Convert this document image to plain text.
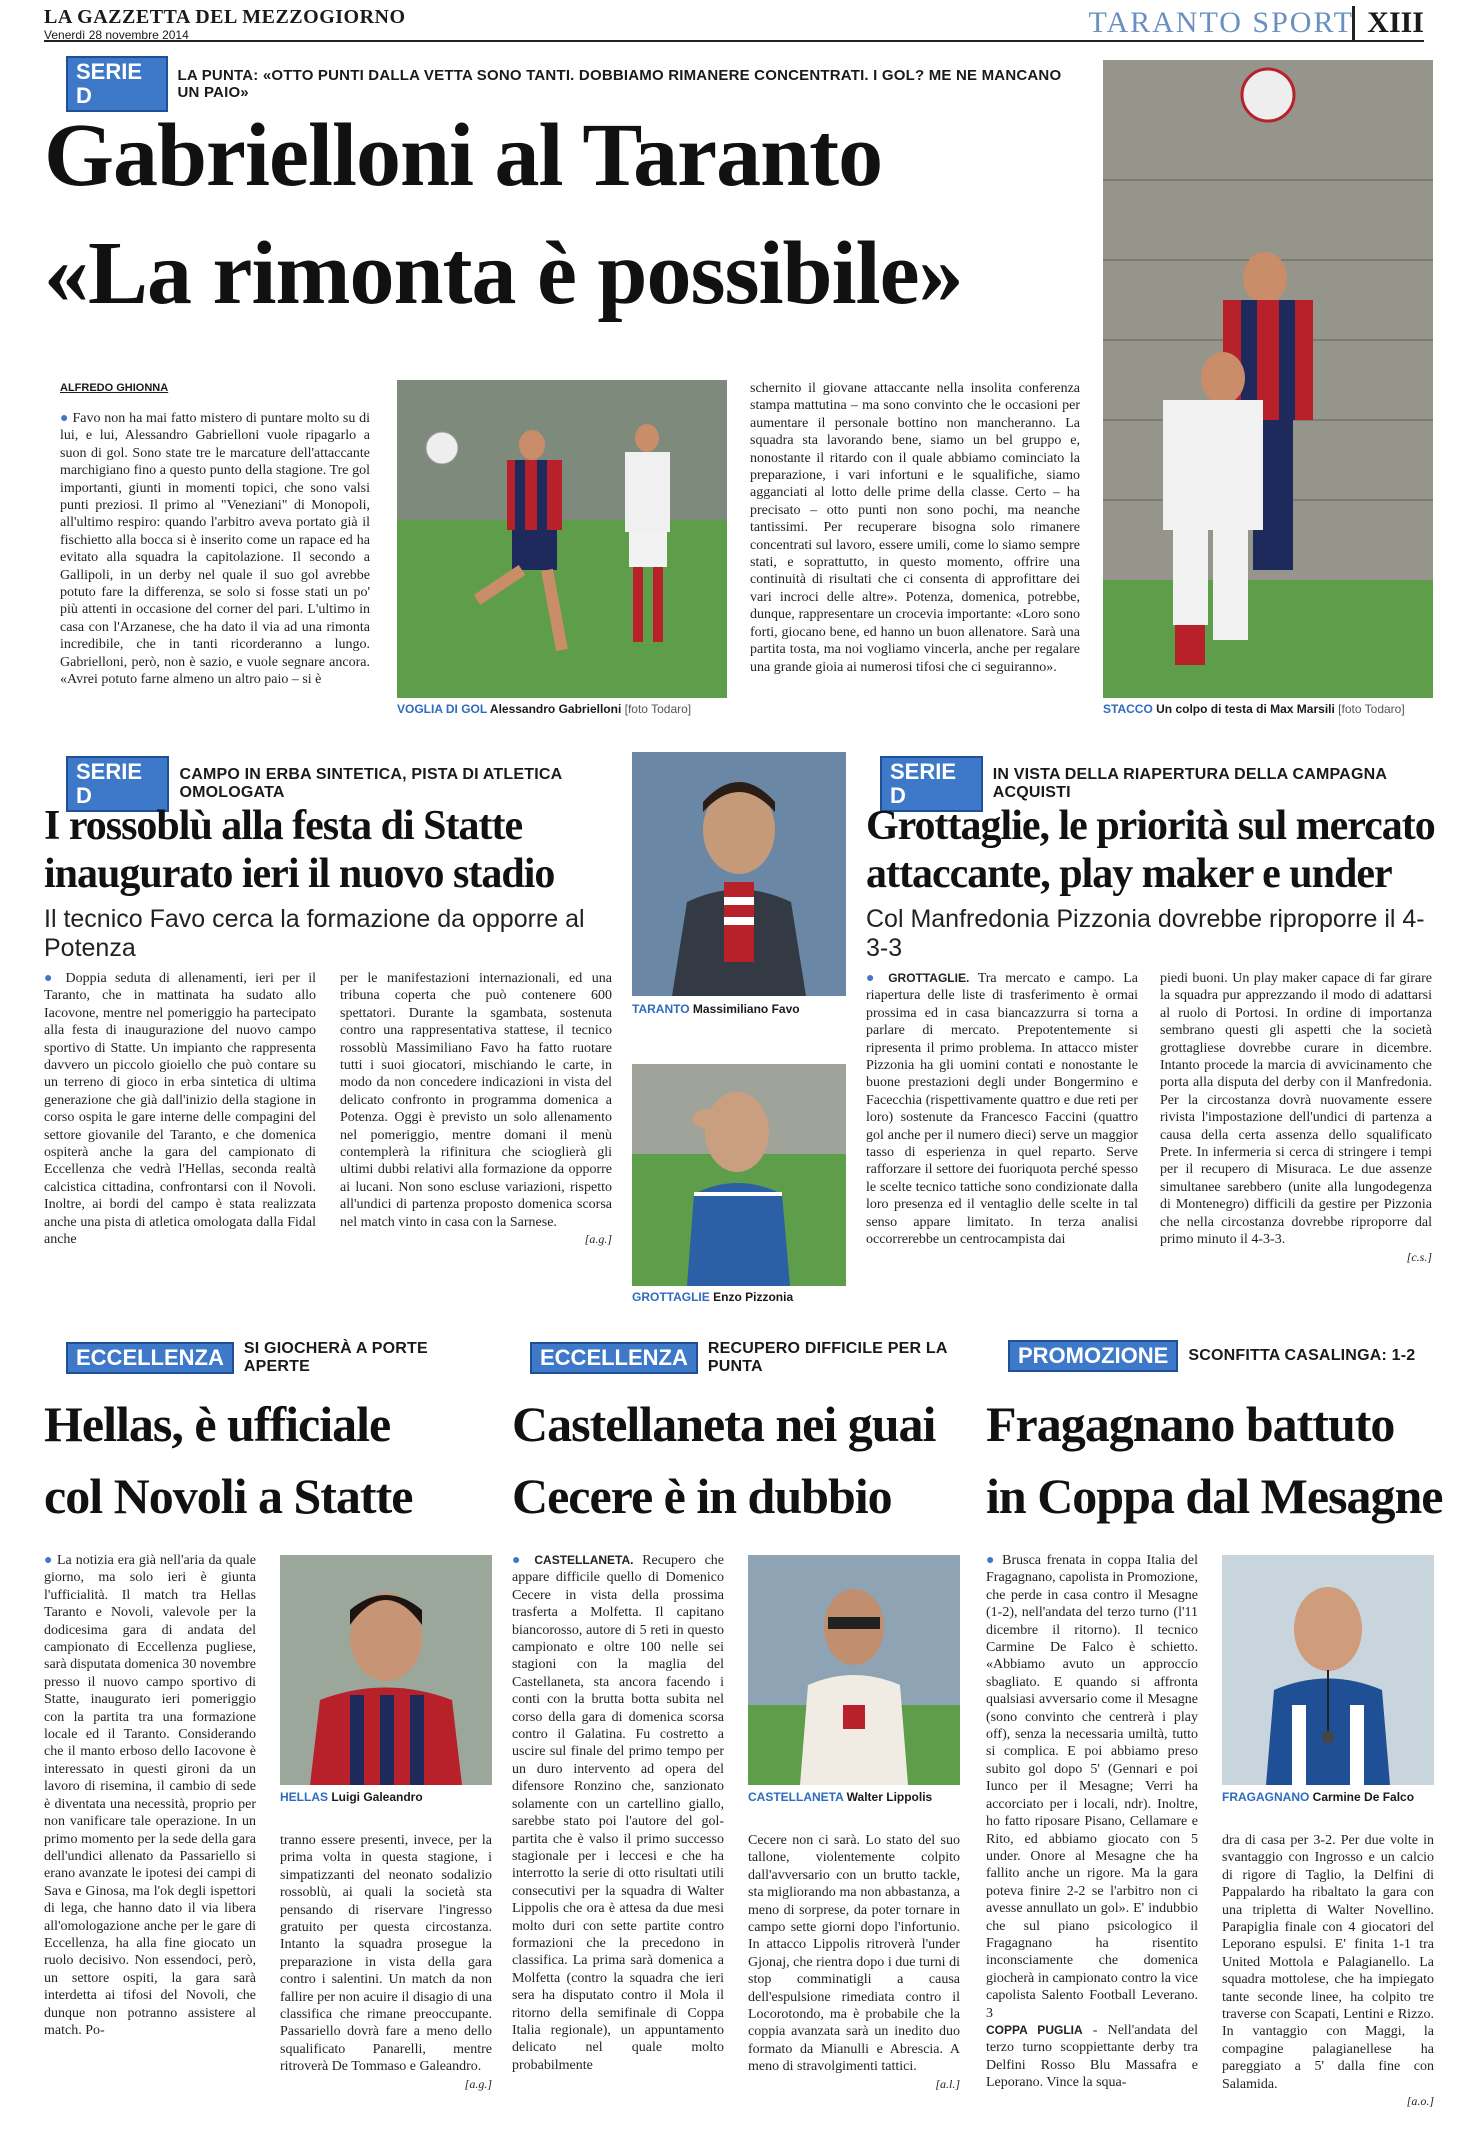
LA GAZZETTA DEL MEZZOGIORNO
Venerdì 28 novembre 2014	TARANTO SPORT XIII
SERIE D
LA PUNTA: «OTTO PUNTI DALLA VETTA SONO TANTI. DOBBIAMO RIMANERE CONCENTRATI. I GOL? ME NE MANCANO UN PAIO»
Gabrielloni al Taranto
«La rimonta è possibile»
ALFREDO GHIONNA
● Favo non ha mai fatto mistero di puntare molto su di lui, e lui, Alessandro Gabrielloni vuole ripagarlo a suon di gol. Sono state tre le marcature dell'attaccante marchigiano fino a questo punto della stagione. Tre gol importanti, giunti in momenti topici, che sono valsi punti preziosi. Il primo al "Veneziani" di Monopoli, all'ultimo respiro: quando l'arbitro aveva portato già il fischietto alla bocca si è inserito come un rapace ed ha evitato alla squadra la capitolazione. Il secondo a Gallipoli, in un derby nel quale il suo gol avrebbe potuto fare la differenza, se solo si fosse stati un po' più attenti in occasione del corner del pari. L'ultimo in casa con l'Arzanese, che ha dato il via ad una rimonta incredibile, che in tanti ricorderanno a lungo. Gabrielloni, però, non è sazio, e vuole segnare ancora. «Avrei potuto farne almeno un altro paio – si è
VOGLIA DI GOL Alessandro Gabrielloni [foto Todaro]
schernito il giovane attaccante nella insolita conferenza stampa mattutina – ma sono convinto che le occasioni per aumentare il personale bottino non mancheranno. La squadra sta lavorando bene, siamo un bel gruppo e, nonostante il ritardo con il quale abbiamo cominciato la preparazione, i vari infortuni e le squalifiche, siamo agganciati al lotto delle prime della classe. Certo – ha precisato – otto punti non sono pochi, ma neanche tantissimi. Per recuperare bisogna solo rimanere concentrati sul lavoro, essere umili, come lo siamo sempre stati, e soprattutto, in questo momento, offrire una continuità di risultati che ci consenta di approfittare dei vari incroci delle altre». Potenza, domenica, potrebbe, dunque, rappresentare un crocevia importante: «Loro sono forti, giocano bene, ed hanno un buon allenatore. Sarà una partita tosta, ma noi vogliamo vincerla, anche per regalare una grande gioia ai numerosi tifosi che ci seguiranno».
STACCO Un colpo di testa di Max Marsili [foto Todaro]
SERIE D
CAMPO IN ERBA SINTETICA, PISTA DI ATLETICA OMOLOGATA
I rossoblù alla festa di Statte
inaugurato ieri il nuovo stadio
Il tecnico Favo cerca la formazione da opporre al Potenza
● Doppia seduta di allenamenti, ieri per il Taranto, che in mattinata ha sudato allo Iacovone, mentre nel pomeriggio ha partecipato alla festa di inaugurazione del nuovo campo sportivo di Statte. Un impianto che rappresenta davvero un piccolo gioiello che può contare su un terreno di gioco in erba sintetica di ultima generazione che già dall'inizio della stagione in corso ospita le gare interne delle compagini del settore giovanile del Taranto, e che domenica ospiterà anche la gara del campionato di Eccellenza che vedrà l'Hellas, seconda realtà calcistica cittadina, confrontarsi con il Novoli. Inoltre, ai bordi del campo è stata realizzata anche una pista di atletica omologata dalla Fidal anche
per le manifestazioni internazionali, ed una tribuna coperta che può contenere 600 spettatori. Durante la sgambata, sostenuta contro una rappresentativa stattese, il tecnico rossoblù Massimiliano Favo ha fatto ruotare tutti i suoi giocatori, mischiando le carte, in modo da non concedere indicazioni in vista del delicato confronto in programma domenica a Potenza. Oggi è previsto un solo allenamento nel pomeriggio, mentre domani il menù contemplerà la rifinitura che scioglierà gli ultimi dubbi relativi alla formazione da opporre ai lucani. Non sono escluse variazioni, rispetto all'undici di partenza proposto domenica scorsa nel match vinto in casa con la Sarnese.
[a.g.]
TARANTO Massimiliano Favo
GROTTAGLIE Enzo Pizzonia
SERIE D
IN VISTA DELLA RIAPERTURA DELLA CAMPAGNA ACQUISTI
Grottaglie, le priorità sul mercato
attaccante, play maker e under
Col Manfredonia Pizzonia dovrebbe riproporre il 4-3-3
● GROTTAGLIE. Tra mercato e campo. La riapertura delle liste di trasferimento è ormai prossima ed in casa biancazzurra si torna a parlare di mercato. Prepotentemente si ripresenta il primo problema. In attacco mister Pizzonia ha gli uomini contati e nonostante le buone prestazioni degli under Bongermino e Facecchia (rispettivamente quattro e due reti per loro) sostenute da Francesco Faccini (quattro gol anche per il numero dieci) serve un maggior tasso di esperienza in quel reparto. Serve rafforzare il settore dei fuoriquota perché spesso le scelte tecnico tattiche sono condizionate dalla loro presenza ed il ventaglio delle scelte in tal senso appare limitato. In terza analisi occorrerebbe un centrocampista dai
piedi buoni. Un play maker capace di far girare la squadra pur apprezzando il modo di adattarsi al ruolo di Portosi. In ordine di importanza sembrano questi gli aspetti che la società grottagliese dovrebbe curare in dicembre. Intanto procede la marcia di avvicinamento che porta alla disputa del derby con il Manfredonia. Per la circostanza dovrà nuovamente essere rivista l'impostazione dell'undici di partenza a causa della certa assenza dello squalificato Prete. In infermeria si cerca di stringere i tempi per il recupero di Misuraca. Le due assenze simultanee sarebbero (unite alla lungodegenza di Montenegro) difficili da gestire per Pizzonia che nella circostanza dovrebbe riproporre dal primo minuto il 4-3-3.
[c.s.]
ECCELLENZA	SI GIOCHERÀ A PORTE APERTE
Hellas, è ufficiale
col Novoli a Statte
● La notizia era già nell'aria da quale giorno, ma solo ieri è giunta l'ufficialità. Il match tra Hellas Taranto e Novoli, valevole per la dodicesima gara di andata del campionato di Eccellenza pugliese, sarà disputata domenica 30 novembre presso il nuovo campo sportivo di Statte, inaugurato ieri pomeriggio con la partita tra una formazione locale ed il Taranto. Considerando che il manto erboso dello Iacovone è interessato in questi gironi da un lavoro di risemina, il cambio di sede è diventata una necessità, proprio per non vanificare tale operazione. In un primo momento per la sede della gara dell'undici allenato da Passariello si erano avanzate le ipotesi dei campi di Sava e Ginosa, ma l'ok degli ispettori di lega, che hanno dato il via libera all'omologazione anche per le gare di Eccellenza, ha alla fine giocato un ruolo decisivo. Non essendoci, però, un settore ospiti, la gara sarà interdetta ai tifosi del Novoli, che dunque non potranno assistere al match. Po-
HELLAS Luigi Galeandro
tranno essere presenti, invece, per la prima volta in questa stagione, i simpatizzanti del neonato sodalizio rossoblù, ai quali la società sta pensando di riservare l'ingresso gratuito per questa circostanza. Intanto la squadra prosegue la preparazione in vista della gara contro i salentini. Un match da non fallire per non acuire il disagio di una classifica che rimane preoccupante. Passariello dovrà fare a meno dello squalificato Panarelli, mentre ritroverà De Tommaso e Galeandro.
[a.g.]
ECCELLENZA	RECUPERO DIFFICILE PER LA PUNTA
Castellaneta nei guai
Cecere è in dubbio
● CASTELLANETA. Recupero che appare difficile quello di Domenico Cecere in vista della prossima trasferta a Molfetta. Il capitano biancorosso, autore di 5 reti in questo campionato e oltre 100 nelle sei stagioni con la maglia del Castellaneta, sta ancora facendo i conti con la brutta botta subita nel corso della gara di domenica scorsa contro il Galatina. Fu costretto a uscire sul finale del primo tempo per un duro intervento ad opera del difensore Ronzino che, sanzionato solamente con un cartellino giallo, sarebbe stato poi l'autore del gol-partita che è valso il primo successo stagionale per i leccesi e che ha interrotto la serie di otto risultati utili consecutivi per la squadra di Walter Lippolis che ora è attesa da due mesi molto duri con sette partite contro formazioni che la precedono in classifica. La prima sarà domenica a Molfetta (contro la squadra che ieri sera ha disputato contro il Mola il ritorno della semifinale di Coppa Italia regionale), un appuntamento delicato nel quale molto probabilmente
CASTELLANETA Walter Lippolis
Cecere non ci sarà. Lo stato del suo tallone, violentemente colpito dall'avversario con un brutto tackle, sta migliorando ma non abbastanza, a meno di sorprese, da poter tornare in campo sette giorni dopo l'infortunio. In attacco Lippolis ritroverà l'under Gjonaj, che rientra dopo i due turni di stop comminatigli a causa dell'espulsione rimediata contro il Locorotondo, ma è probabile che la coppia avanzata sarà un inedito duo formato da Mianulli e Abrescia. A meno di stravolgimenti tattici.
[a.l.]
PROMOZIONE	SCONFITTA CASALINGA: 1-2
Fragagnano battuto
in Coppa dal Mesagne
● Brusca frenata in coppa Italia del Fragagnano, capolista in Promozione, che perde in casa contro il Mesagne (1-2), nell'andata del terzo turno (l'11 dicembre il ritorno). Il tecnico Carmine De Falco è schietto. «Abbiamo avuto un approccio sbagliato. E quando si affronta qualsiasi avversario come il Mesagne (sono convinto che centrerà i play off), senza la necessaria umiltà, tutto si complica. E poi abbiamo preso subito gol dopo 5' (Gennari e poi Iunco per il Mesagne; Verri ha accorciato per i locali, ndr). Inoltre, ho fatto riposare Pisano, Cellamare e Rito, ed abbiamo giocato con 5 under. Onore al Mesagne che ha fallito anche un rigore. Ma la gara poteva finire 2-2 se l'arbitro non ci avesse annullato un gol». E' indubbio che sul piano psicologico il Fragagnano ha risentito inconsciamente che domenica giocherà in campionato contro la vice capolista Salento Football Leverano. 3
COPPA PUGLIA - Nell'andata del terzo turno scoppiettante derby tra Delfini Rosso Blu Massafra e Leporano. Vince la squa-
FRAGAGNANO Carmine De Falco
dra di casa per 3-2. Per due volte in svantaggio con Ingrosso e un calcio di rigore di Taglio, la Delfini di Pappalardo ha ribaltato la gara con una tripletta di Walter Novellino. Parapiglia finale con 4 giocatori del Leporano espulsi. E' finita 1-1 tra United Mottola e Palagianello. La squadra mottolese, che ha impiegato tante seconde linee, ha colpito tre traverse con Scapati, Lentini e Rizzo. In vantaggio con Maggi, la compagine palagianellese ha pareggiato a 5' dalla fine con Salamida.
[a.o.]
